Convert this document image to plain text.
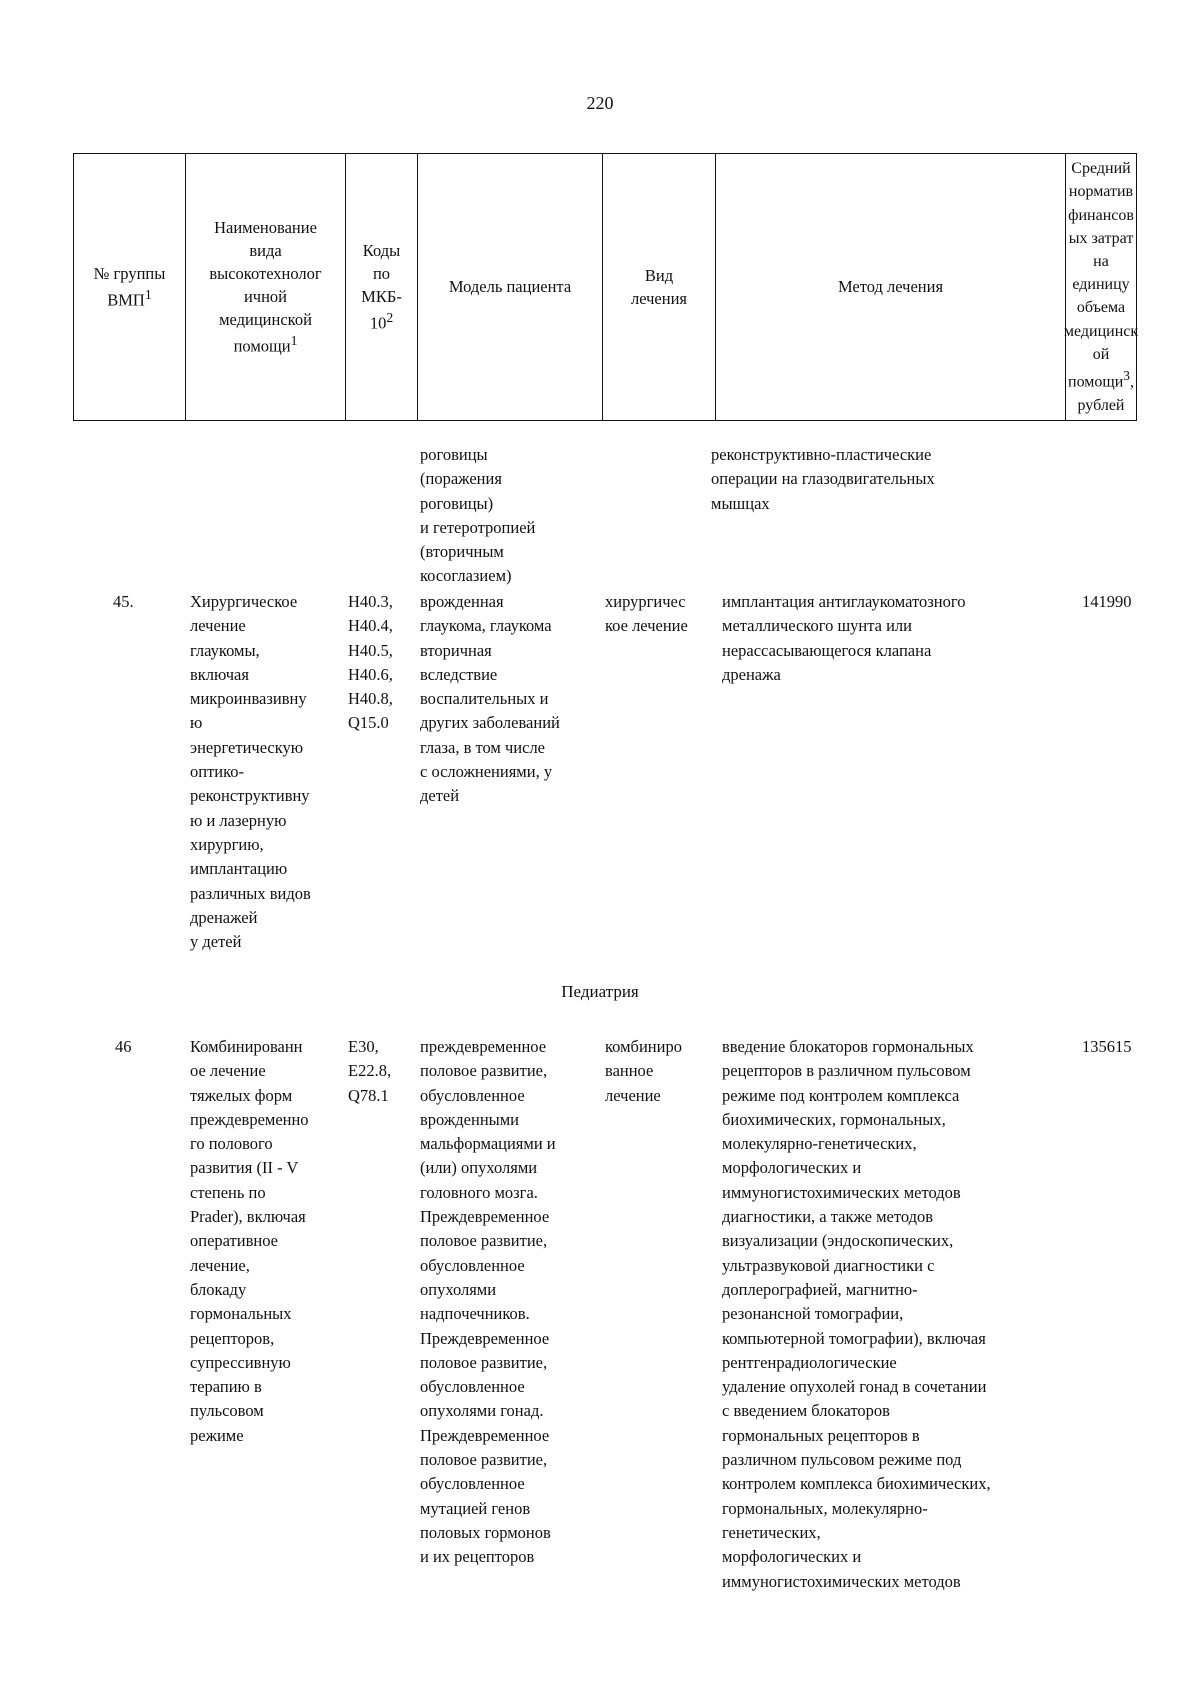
220
№ группы
ВМП$^1$
Наименование
вида
высокотехнолог
ичной
медицинской
помощи$^1$
Коды
по
МКБ-
$10^2$
Модель пациента
Вид
лечения
Метод лечения
Средний
норматив
финансов
ых затрат
на
единицу
объема
медицинск
ой
помощи$^3$,
рублей
роговицы
(поражения
роговицы)
и гетеротропией
(вторичным
косоглазием)
реконструктивно-пластические
операции на глазодвигательных
мышцах
45.	Хирургическое
лечение
глаукомы,
включая
микроинвазивну
ю
энергетическую
оптико-
реконструктивну
ю и лазерную
хирургию,
имплантацию
различных видов
дренажей
у детей
H40.3,
H40.4,
H40.5,
H40.6,
H40.8,
Q15.0
врожденная
глаукома, глаукома
вторичная
вследствие
воспалительных и
других заболеваний
глаза, в том числе
с осложнениями, у
детей
хирургичес
кое лечение
имплантация антиглаукоматозного
металлического шунта или
нерассасывающегося клапана
дренажа
141990
Педиатрия
46	Комбинированн
ое лечение
тяжелых форм
преждевременно
го полового
развития (II - V
степень по
Prader), включая
оперативное
лечение,
блокаду
гормональных
рецепторов,
супрессивную
терапию в
пульсовом
режиме
E30,
E22.8,
Q78.1
преждевременное
половое развитие,
обусловленное
врожденными
мальформациями и
(или) опухолями
головного мозга.
Преждевременное
половое развитие,
обусловленное
опухолями
надпочечников.
Преждевременное
половое развитие,
обусловленное
опухолями гонад.
Преждевременное
половое развитие,
обусловленное
мутацией генов
половых гормонов
и их рецепторов
комбиниро
ванное
лечение
введение блокаторов гормональных
рецепторов в различном пульсовом
режиме под контролем комплекса
биохимических, гормональных,
молекулярно-генетических,
морфологических и
иммуногистохимических методов
диагностики, а также методов
визуализации (эндоскопических,
ультразвуковой диагностики с
доплерографией, магнитно-
резонансной томографии,
компьютерной томографии), включая
рентгенрадиологические
удаление опухолей гонад в сочетании
с введением блокаторов
гормональных рецепторов в
различном пульсовом режиме под
контролем комплекса биохимических,
гормональных, молекулярно-
генетических,
морфологических и
иммуногистохимических методов
135615
